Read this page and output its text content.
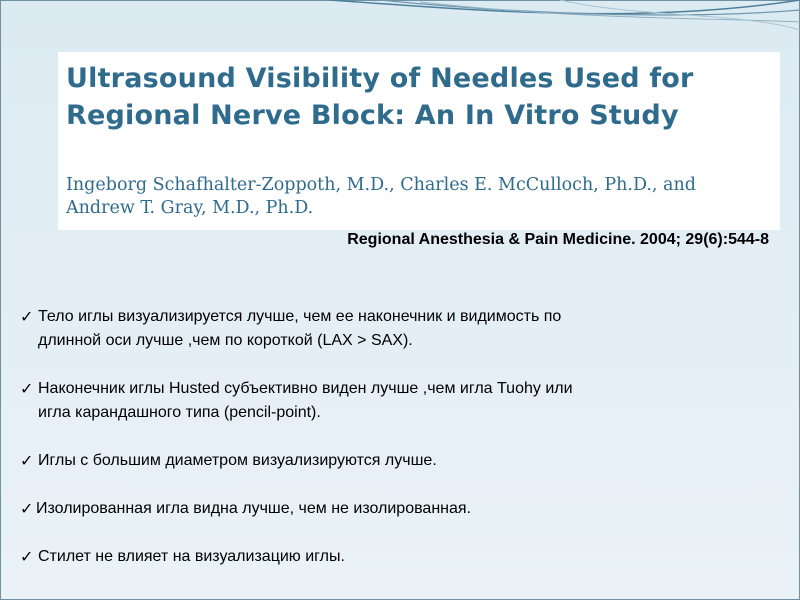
Ultrasound Visibility of Needles Used for
Regional Nerve Block: An In Vitro Study

Ingeborg Schafhalter-Zoppoth, M.D., Charles E. McCulloch, Ph.D., and
Andrew T. Gray, M.D., Ph.D.

Regional Anesthesia & Pain Medicine. 2004; 29(6):544-8

✓ Тело иглы визуализируется лучше, чем ее наконечник и видимость по
длинной оси лучше ,чем по короткой (LAX > SAX).
✓ Наконечник иглы Husted субъективно виден лучше ,чем игла Tuohy или
игла карандашного типа (pencil-point).
✓ Иглы с большим диаметром визуализируются лучше.
✓ Изолированная игла видна лучше, чем не изолированная.
✓ Стилет не влияет на визуализацию иглы.
